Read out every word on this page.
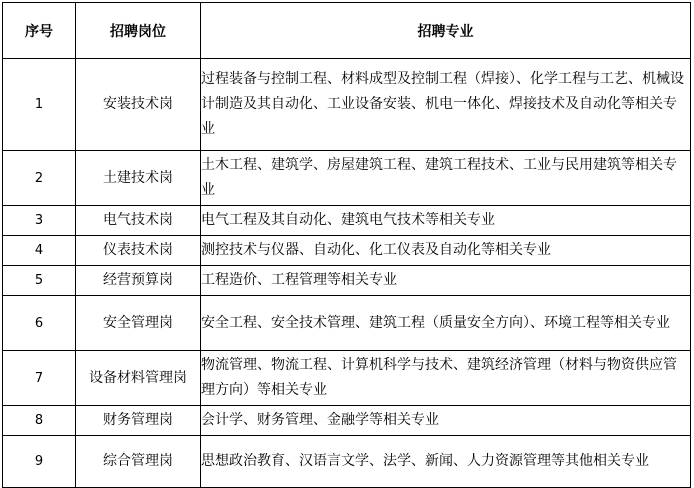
序号	招聘岗位	招聘专业
1	安装技术岗	过程装备与控制工程、材料成型及控制工程（焊接）、化学工程与工艺、机械设计制造及其自动化、工业设备安装、机电一体化、焊接技术及自动化等相关专业
2	土建技术岗	土木工程、建筑学、房屋建筑工程、建筑工程技术、工业与民用建筑等相关专业
3	电气技术岗	电气工程及其自动化、建筑电气技术等相关专业
4	仪表技术岗	测控技术与仪器、自动化、化工仪表及自动化等相关专业
5	经营预算岗	工程造价、工程管理等相关专业
6	安全管理岗	安全工程、安全技术管理、建筑工程（质量安全方向）、环境工程等相关专业
7	设备材料管理岗	物流管理、物流工程、计算机科学与技术、建筑经济管理（材料与物资供应管理方向）等相关专业
8	财务管理岗	会计学、财务管理、金融学等相关专业
9	综合管理岗	思想政治教育、汉语言文学、法学、新闻、人力资源管理等其他相关专业
